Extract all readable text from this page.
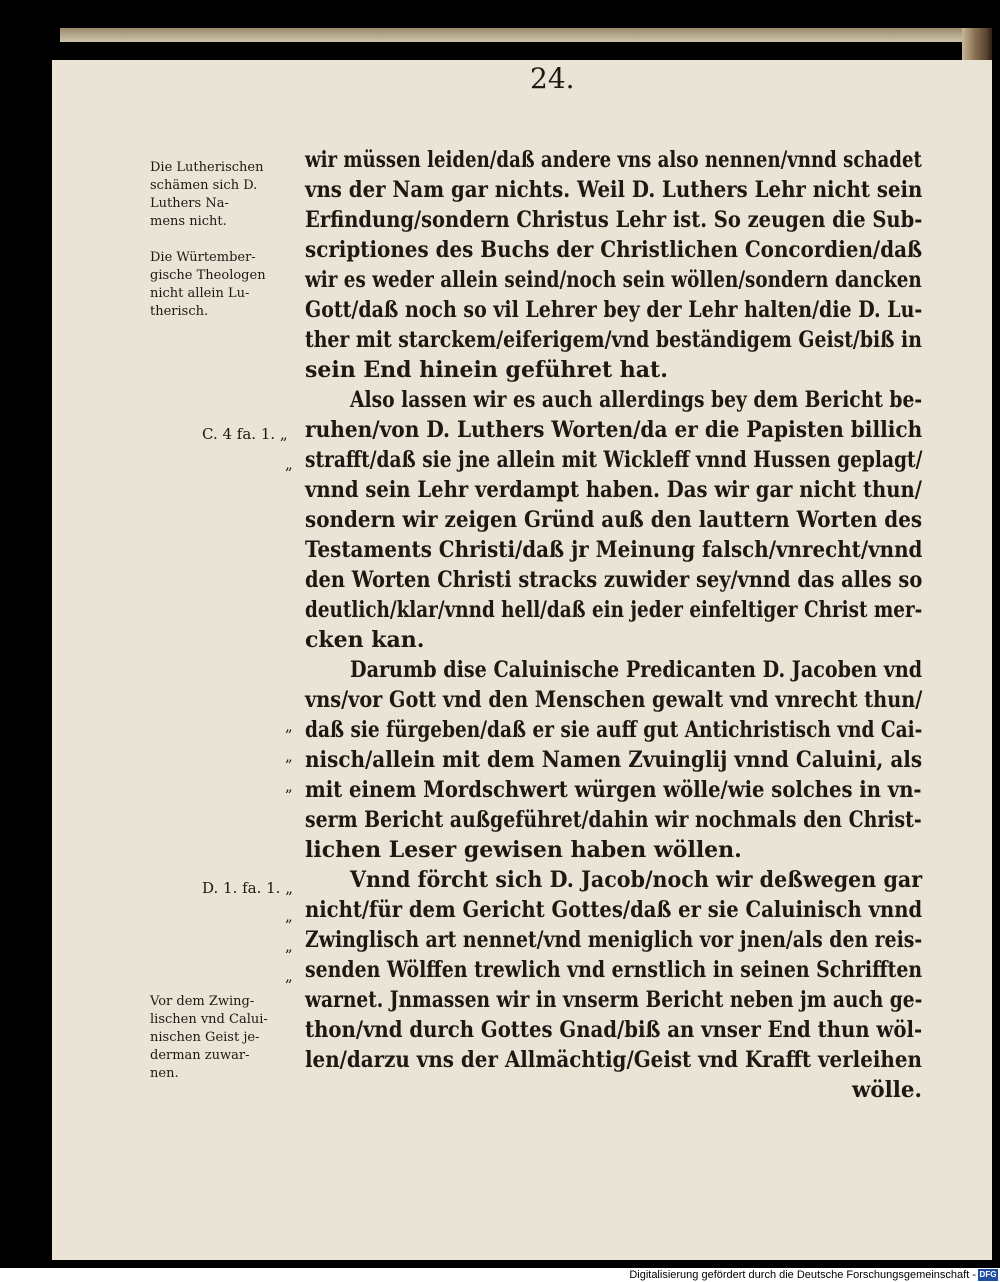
24.
Die Lutherischen
schämen sich D.
Luthers Na-
mens nicht.
Die Würtember-
gische Theologen
nicht allein Lu-
therisch.
C. 4 fa. 1. „
„
„
„
„
D. 1. fa. 1. „
„
„
„
Vor dem Zwing-
lischen vnd Calui-
nischen Geist je-
derman zuwar-
nen.
wir müssen leiden/daß andere vns also nennen/vnnd schadet
vns der Nam gar nichts. Weil D. Luthers Lehr nicht sein
Erfindung/sondern Christus Lehr ist. So zeugen die Sub-
scriptiones des Buchs der Christlichen Concordien/daß
wir es weder allein seind/noch sein wöllen/sondern dancken
Gott/daß noch so vil Lehrer bey der Lehr halten/die D. Lu-
ther mit starckem/eiferigem/vnd beständigem Geist/biß in
sein End hinein geführet hat.
Also lassen wir es auch allerdings bey dem Bericht be-
ruhen/von D. Luthers Worten/da er die Papisten billich
strafft/daß sie jne allein mit Wickleff vnnd Hussen geplagt/
vnnd sein Lehr verdampt haben. Das wir gar nicht thun/
sondern wir zeigen Gründ auß den lauttern Worten des
Testaments Christi/daß jr Meinung falsch/vnrecht/vnnd
den Worten Christi stracks zuwider sey/vnnd das alles so
deutlich/klar/vnnd hell/daß ein jeder einfeltiger Christ mer-
cken kan.
Darumb dise Caluinische Predicanten D. Jacoben vnd
vns/vor Gott vnd den Menschen gewalt vnd vnrecht thun/
daß sie fürgeben/daß er sie auff gut Antichristisch vnd Cai-
nisch/allein mit dem Namen Zvuinglij vnnd Caluini, als
mit einem Mordschwert würgen wölle/wie solches in vn-
serm Bericht außgeführet/dahin wir nochmals den Christ-
lichen Leser gewisen haben wöllen.
Vnnd förcht sich D. Jacob/noch wir deßwegen gar
nicht/für dem Gericht Gottes/daß er sie Caluinisch vnnd
Zwinglisch art nennet/vnd meniglich vor jnen/als den reis-
senden Wölffen trewlich vnd ernstlich in seinen Schrifften
warnet. Jnmassen wir in vnserm Bericht neben jm auch ge-
thon/vnd durch Gottes Gnad/biß an vnser End thun wöl-
len/darzu vns der Allmächtig/Geist vnd Krafft verleihen
wölle.
Digitalisierung gefördert durch die Deutsche Forschungsgemeinschaft - DFG
